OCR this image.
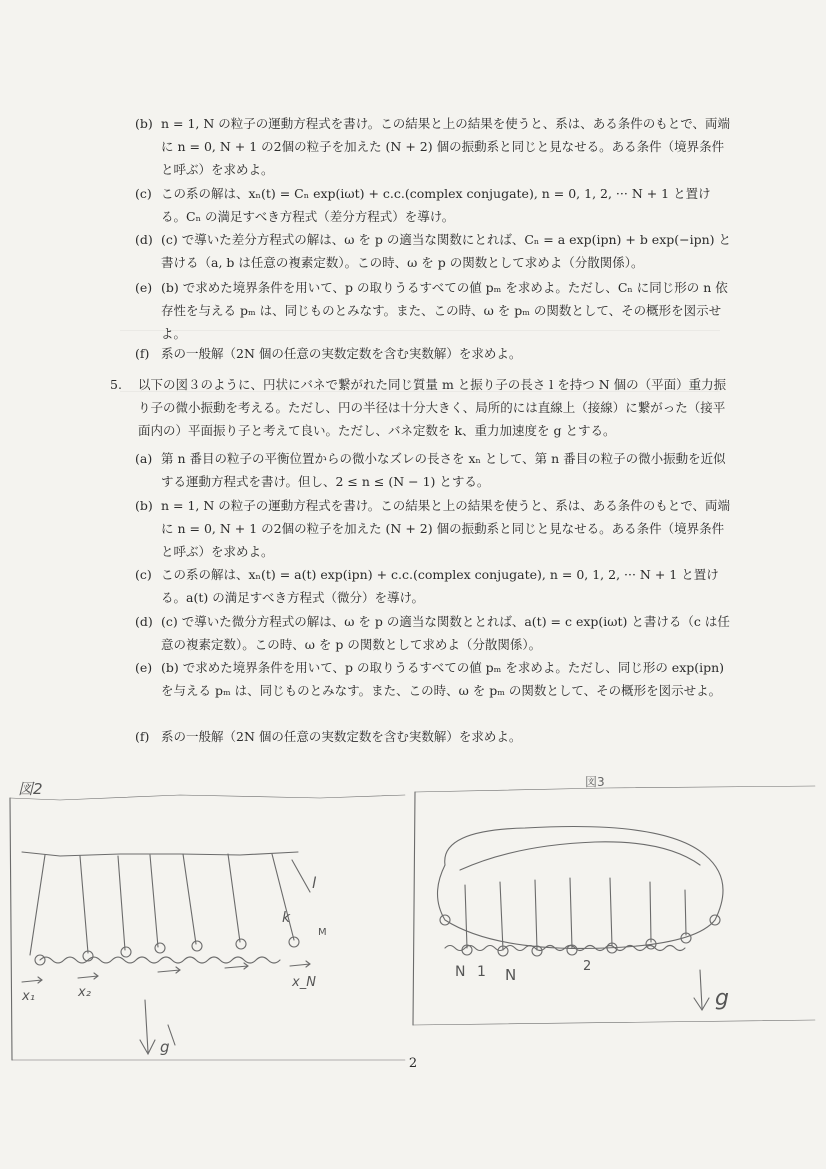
(b) n = 1, N の粒子の運動方程式を書け。この結果と上の結果を使うと、系は、ある条件のもとで、両端に n = 0, N + 1 の2個の粒子を加えた (N + 2) 個の振動系と同じと見なせる。ある条件（境界条件と呼ぶ）を求めよ。
(c) この系の解は、xₙ(t) = Cₙ exp(iωt) + c.c.(complex conjugate), n = 0, 1, 2, ··· N + 1 と置ける。Cₙ の満足すべき方程式（差分方程式）を導け。
(d) (c) で導いた差分方程式の解は、ω を p の適当な関数にとれば、Cₙ = a exp(ipn) + b exp(−ipn) と書ける（a, b は任意の複素定数）。この時、ω を p の関数として求めよ（分散関係）。
(e) (b) で求めた境界条件を用いて、p の取りうるすべての値 pₘ を求めよ。ただし、Cₙ に同じ形の n 依存性を与える pₘ は、同じものとみなす。また、この時、ω を pₘ の関数として、その概形を図示せよ。
(f) 系の一般解（2N 個の任意の実数定数を含む実数解）を求めよ。
5. 以下の図３のように、円状にバネで繋がれた同じ質量 m と振り子の長さ l を持つ N 個の（平面）重力振り子の微小振動を考える。ただし、円の半径は十分大きく、局所的には直線上（接線）に繋がった（接平面内の）平面振り子と考えて良い。ただし、バネ定数を k、重力加速度を g とする。
(a) 第 n 番目の粒子の平衡位置からの微小なズレの長さを xₙ として、第 n 番目の粒子の微小振動を近似する運動方程式を書け。但し、2 ≤ n ≤ (N − 1) とする。
(b) n = 1, N の粒子の運動方程式を書け。この結果と上の結果を使うと、系は、ある条件のもとで、両端に n = 0, N + 1 の2個の粒子を加えた (N + 2) 個の振動系と同じと見なせる。ある条件（境界条件と呼ぶ）を求めよ。
(c) この系の解は、xₙ(t) = a(t) exp(ipn) + c.c.(complex conjugate), n = 0, 1, 2, ··· N + 1 と置ける。a(t) の満足すべき方程式（微分）を導け。
(d) (c) で導いた微分方程式の解は、ω を p の適当な関数ととれば、a(t) = c exp(iωt) と書ける（c は任意の複素定数）。この時、ω を p の関数として求めよ（分散関係）。
(e) (b) で求めた境界条件を用いて、p の取りうるすべての値 pₘ を求めよ。ただし、同じ形の exp(ipn) を与える pₘ は、同じものとみなす。また、この時、ω を pₘ の関数として、その概形を図示せよ。
(f) 系の一般解（2N 個の任意の実数定数を含む実数解）を求めよ。
図2
x₁	x₂
x_N
l
k
M
g
図3
N 1 N	2
g
2
